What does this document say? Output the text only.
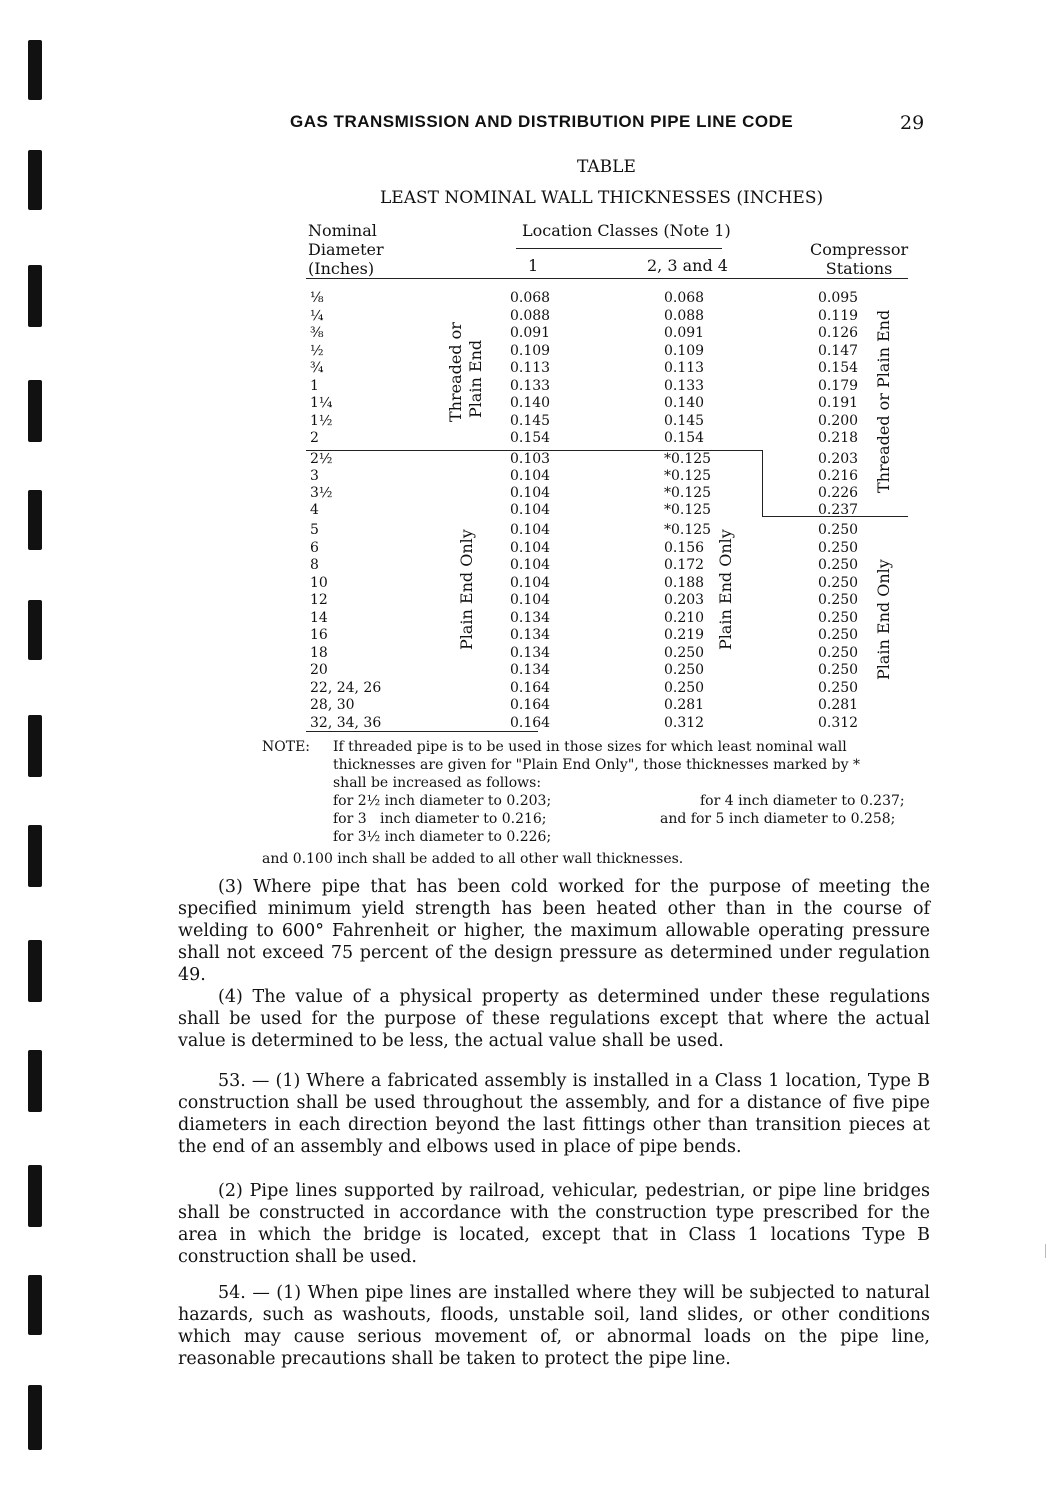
GAS TRANSMISSION AND DISTRIBUTION PIPE LINE CODE	29
TABLE
LEAST NOMINAL WALL THICKNESSES (INCHES)
Nominal
Diameter
(Inches)
Location Classes (Note 1)
1	2, 3 and 4
Compressor
Stations
Threaded or Plain End
Plain End Only	Plain End Only
Threaded or Plain End
Plain End Only
⅛	0.068	0.068	0.095
¼	0.088	0.088	0.119
⅜	0.091	0.091	0.126
½	0.109	0.109	0.147
¾	0.113	0.113	0.154
1	0.133	0.133	0.179
1¼	0.140	0.140	0.191
1½	0.145	0.145	0.200
2	0.154	0.154	0.218
2½	0.103	*0.125	0.203
3	0.104	*0.125	0.216
3½	0.104	*0.125	0.226
4	0.104	*0.125	0.237
5	0.104	*0.125	0.250
6	0.104	0.156	0.250
8	0.104	0.172	0.250
10	0.104	0.188	0.250
12	0.104	0.203	0.250
14	0.134	0.210	0.250
16	0.134	0.219	0.250
18	0.134	0.250	0.250
20	0.134	0.250	0.250
22, 24, 26	0.164	0.250	0.250
28, 30	0.164	0.281	0.281
32, 34, 36	0.164	0.312	0.312
NOTE: If threaded pipe is to be used in those sizes for which least nominal wall
thicknesses are given for "Plain End Only", those thicknesses marked by *
shall be increased as follows:
for 2½ inch diameter to 0.203;	for 4 inch diameter to 0.237;
for 3   inch diameter to 0.216;	and for 5 inch diameter to 0.258;
for 3½ inch diameter to 0.226;
and 0.100 inch shall be added to all other wall thicknesses.

(3) Where pipe that has been cold worked for the purpose of meeting the specified minimum yield strength has been heated other than in the course of welding to 600° Fahrenheit or higher, the maximum allowable operating pressure shall not exceed 75 percent of the design pressure as determined under regulation 49.

(4) The value of a physical property as determined under these regulations shall be used for the purpose of these regulations except that where the actual value is determined to be less, the actual value shall be used.

53. — (1) Where a fabricated assembly is installed in a Class 1 location, Type B construction shall be used throughout the assembly, and for a distance of five pipe diameters in each direction beyond the last fittings other than transition pieces at the end of an assembly and elbows used in place of pipe bends.

(2) Pipe lines supported by railroad, vehicular, pedestrian, or pipe line bridges shall be constructed in accordance with the construction type prescribed for the area in which the bridge is located, except that in Class 1 locations Type B construction shall be used.

54. — (1) When pipe lines are installed where they will be subjected to natural hazards, such as washouts, floods, unstable soil, land slides, or other conditions which may cause serious movement of, or abnormal loads on the pipe line, reasonable precautions shall be taken to protect the pipe line.
